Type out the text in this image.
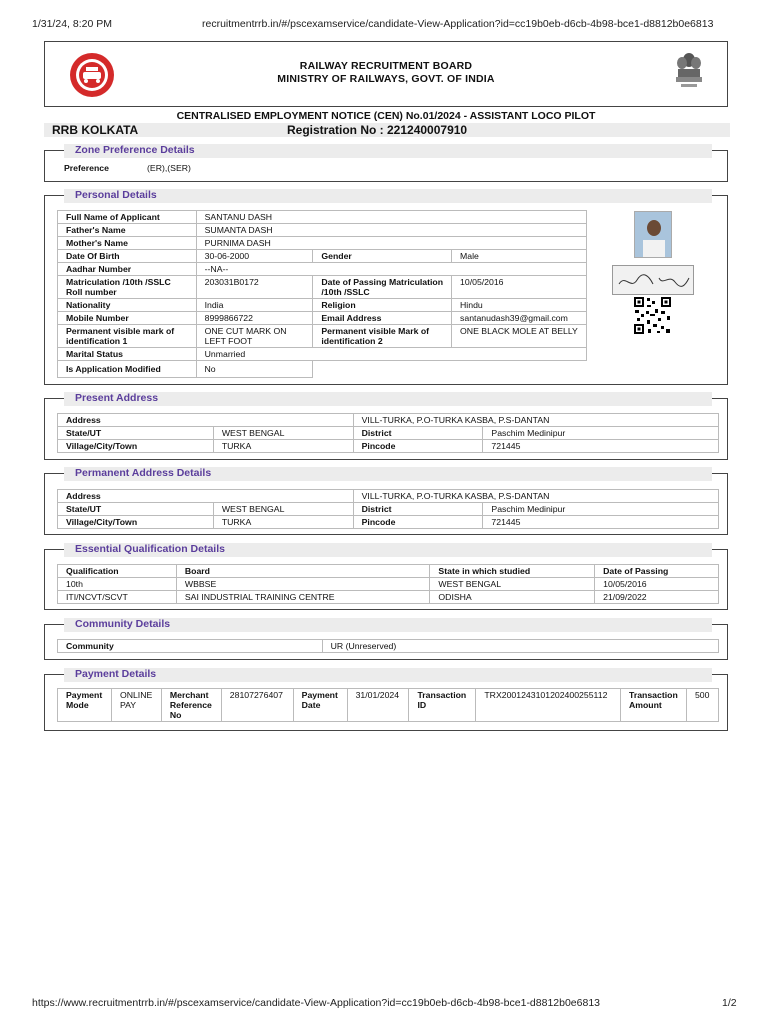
1/31/24, 8:20 PM	recruitmentrrb.in/#/pscexamservice/candidate-View-Application?id=cc19b0eb-d6cb-4b98-bce1-d8812b0e6813
RAILWAY RECRUITMENT BOARD
MINISTRY OF RAILWAYS, GOVT. OF INDIA
CENTRALISED EMPLOYMENT NOTICE (CEN) No.01/2024 - ASSISTANT LOCO PILOT
RRB KOLKATA	Registration No : 221240007910
Zone Preference Details
Preference	(ER),(SER)
Personal Details
Full Name of Applicant	SANTANU DASH		
Father's Name	SUMANTA DASH		
Mother's Name	PURNIMA DASH		
Date Of Birth	30-06-2000	Gender	Male
Aadhar Number	--NA--		
Matriculation /10th /SSLC Roll number	203031B0172	Date of Passing Matriculation /10th /SSLC	10/05/2016
Nationality	India	Religion	Hindu
Mobile Number	8999866722	Email Address	santanudash39@gmail.com
Permanent visible mark of identification 1	ONE CUT MARK ON LEFT FOOT	Permanent visible Mark of identification 2	ONE BLACK MOLE AT BELLY
Marital Status	Unmarried		
Is Application Modified	No
Present Address
Address		VILL-TURKA, P.O-TURKA KASBA, P.S-DANTAN	
State/UT	WEST BENGAL	District	Paschim Medinipur
Village/City/Town	TURKA	Pincode	721445
Permanent Address Details
Address		VILL-TURKA, P.O-TURKA KASBA, P.S-DANTAN	
State/UT	WEST BENGAL	District	Paschim Medinipur
Village/City/Town	TURKA	Pincode	721445
Essential Qualification Details
Qualification	Board	State in which studied	Date of Passing
10th	WBBSE	WEST BENGAL	10/05/2016
ITI/NCVT/SCVT	SAI INDUSTRIAL TRAINING CENTRE	ODISHA	21/09/2022
Community Details
Community	UR (Unreserved)
Payment Details
Payment Mode	ONLINE PAY	Merchant Reference No	28107276407	Payment Date	31/01/2024	Transaction ID	TRX2001243101202400255112	Transaction Amount	500
https://www.recruitmentrrb.in/#/pscexamservice/candidate-View-Application?id=cc19b0eb-d6cb-4b98-bce1-d8812b0e6813	1/2
